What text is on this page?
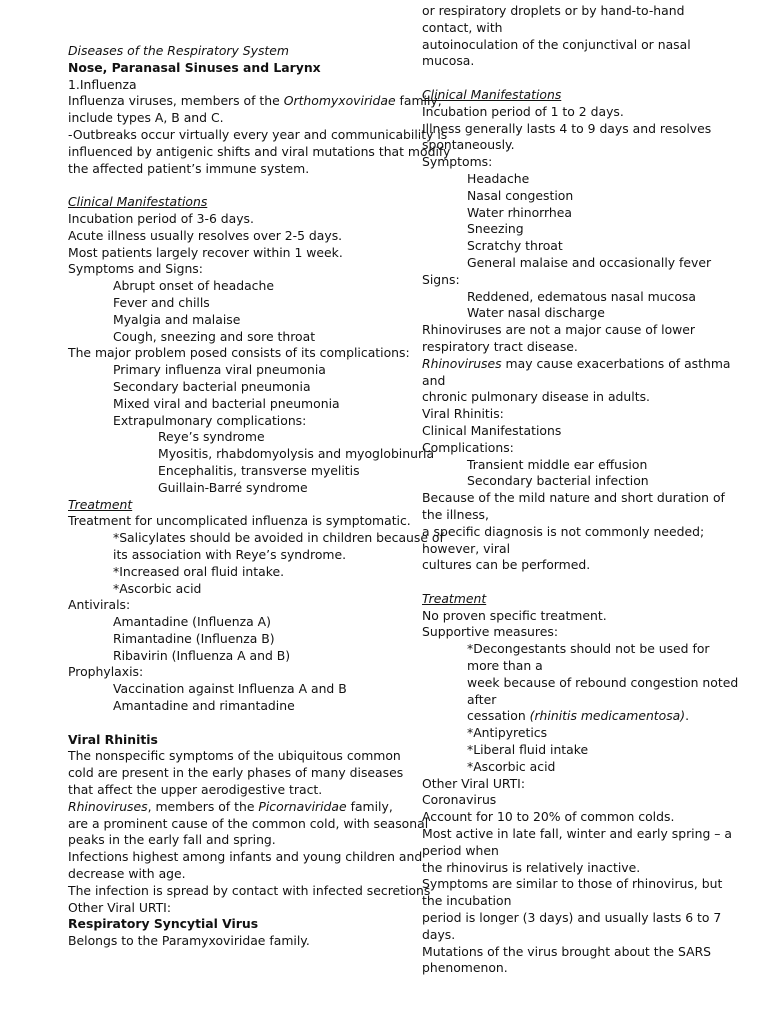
Diseases of the Respiratory System
Nose, Paranasal Sinuses and Larynx
1.Influenza
Influenza viruses, members of the Orthomyxoviridae family,
include types A, B and C.
-Outbreaks occur virtually every year and communicability is
influenced by antigenic shifts and viral mutations that modify
the affected patient’s immune system.
Clinical Manifestations
Incubation period of 3-6 days.
Acute illness usually resolves over 2-5 days.
Most patients largely recover within 1 week.
Symptoms and Signs:
Abrupt onset of headache
Fever and chills
Myalgia and malaise
Cough, sneezing and sore throat
The major problem posed consists of its complications:
Primary influenza viral pneumonia
Secondary bacterial pneumonia
Mixed viral and bacterial pneumonia
Extrapulmonary complications:
Reye’s syndrome
Myositis, rhabdomyolysis and myoglobinuria
Encephalitis, transverse myelitis
Guillain-Barré syndrome
Treatment
Treatment for uncomplicated influenza is symptomatic.
*Salicylates should be avoided in children because of
its association with Reye’s syndrome.
*Increased oral fluid intake.
*Ascorbic acid
Antivirals:
Amantadine (Influenza A)
Rimantadine (Influenza B)
Ribavirin (Influenza A and B)
Prophylaxis:
Vaccination against Influenza A and B
Amantadine and rimantadine
Viral Rhinitis
The nonspecific symptoms of the ubiquitous common
cold are present in the early phases of many diseases
that affect the upper aerodigestive tract.
Rhinoviruses, members of the Picornaviridae family,
are a prominent cause of the common cold, with seasonal
peaks in the early fall and spring.
Infections highest among infants and young children and
decrease with age.
The infection is spread by contact with infected secretions
Other Viral URTI:
Respiratory Syncytial Virus
Belongs to the Paramyxoviridae family.
or respiratory droplets or by hand-to-hand
contact, with
autoinoculation of the conjunctival or nasal
mucosa.
Clinical Manifestations
Incubation period of 1 to 2 days.
Illness generally lasts 4 to 9 days and resolves
spontaneously.
Symptoms:
Headache
Nasal congestion
Water rhinorrhea
Sneezing
Scratchy throat
General malaise and occasionally fever
Signs:
Reddened, edematous nasal mucosa
Water nasal discharge
Rhinoviruses are not a major cause of lower
respiratory tract disease.
Rhinoviruses may cause exacerbations of asthma
and
chronic pulmonary disease in adults.
Viral Rhinitis:
Clinical Manifestations
Complications:
Transient middle ear effusion
Secondary bacterial infection
Because of the mild nature and short duration of
the illness,
a specific diagnosis is not commonly needed;
however, viral
cultures can be performed.
Treatment
No proven specific treatment.
Supportive measures:
*Decongestants should not be used for
more than a
week because of rebound congestion noted
after
cessation (rhinitis medicamentosa).
*Antipyretics
*Liberal fluid intake
*Ascorbic acid
Other Viral URTI:
Coronavirus
Account for 10 to 20% of common colds.
Most active in late fall, winter and early spring – a
period when
the rhinovirus is relatively inactive.
Symptoms are similar to those of rhinovirus, but
the incubation
period is longer (3 days) and usually lasts 6 to 7
days.
Mutations of the virus brought about the SARS
phenomenon.
